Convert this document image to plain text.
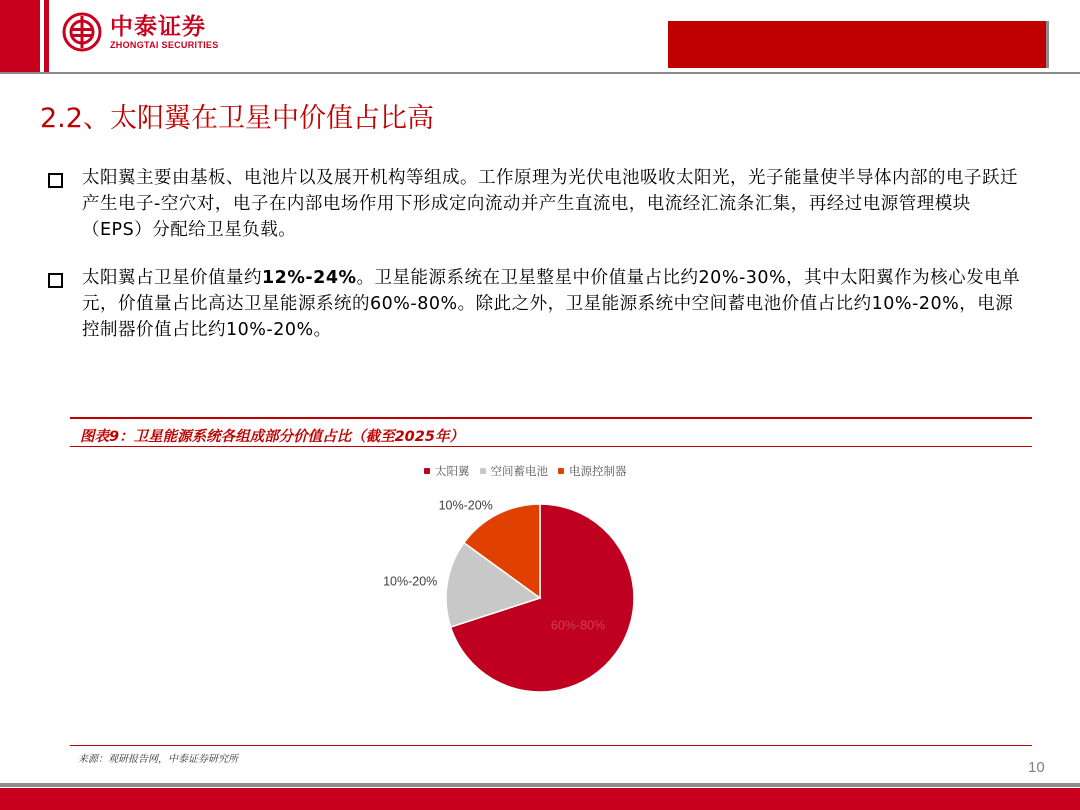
中泰证券
ZHONGTAI SECURITIES
2.2、太阳翼在卫星中价值占比高
太阳翼主要由基板、电池片以及展开机构等组成。工作原理为光伏电池吸收太阳光，光子能量使半导体内部的电子跃迁产生电子-空穴对，电子在内部电场作用下形成定向流动并产生直流电，电流经汇流条汇集，再经过电源管理模块（EPS）分配给卫星负载。
太阳翼占卫星价值量约12%-24%。卫星能源系统在卫星整星中价值量占比约20%-30%，其中太阳翼作为核心发电单元，价值量占比高达卫星能源系统的60%-80%。除此之外，卫星能源系统中空间蓄电池价值占比约10%-20%，电源控制器价值占比约10%-20%。
图表9：卫星能源系统各组成部分价值占比（截至2025年）
太阳翼 空间蓄电池 电源控制器
60%-80%
10%-20%
10%-20%
来源：观研报告网，中泰证券研究所	10
